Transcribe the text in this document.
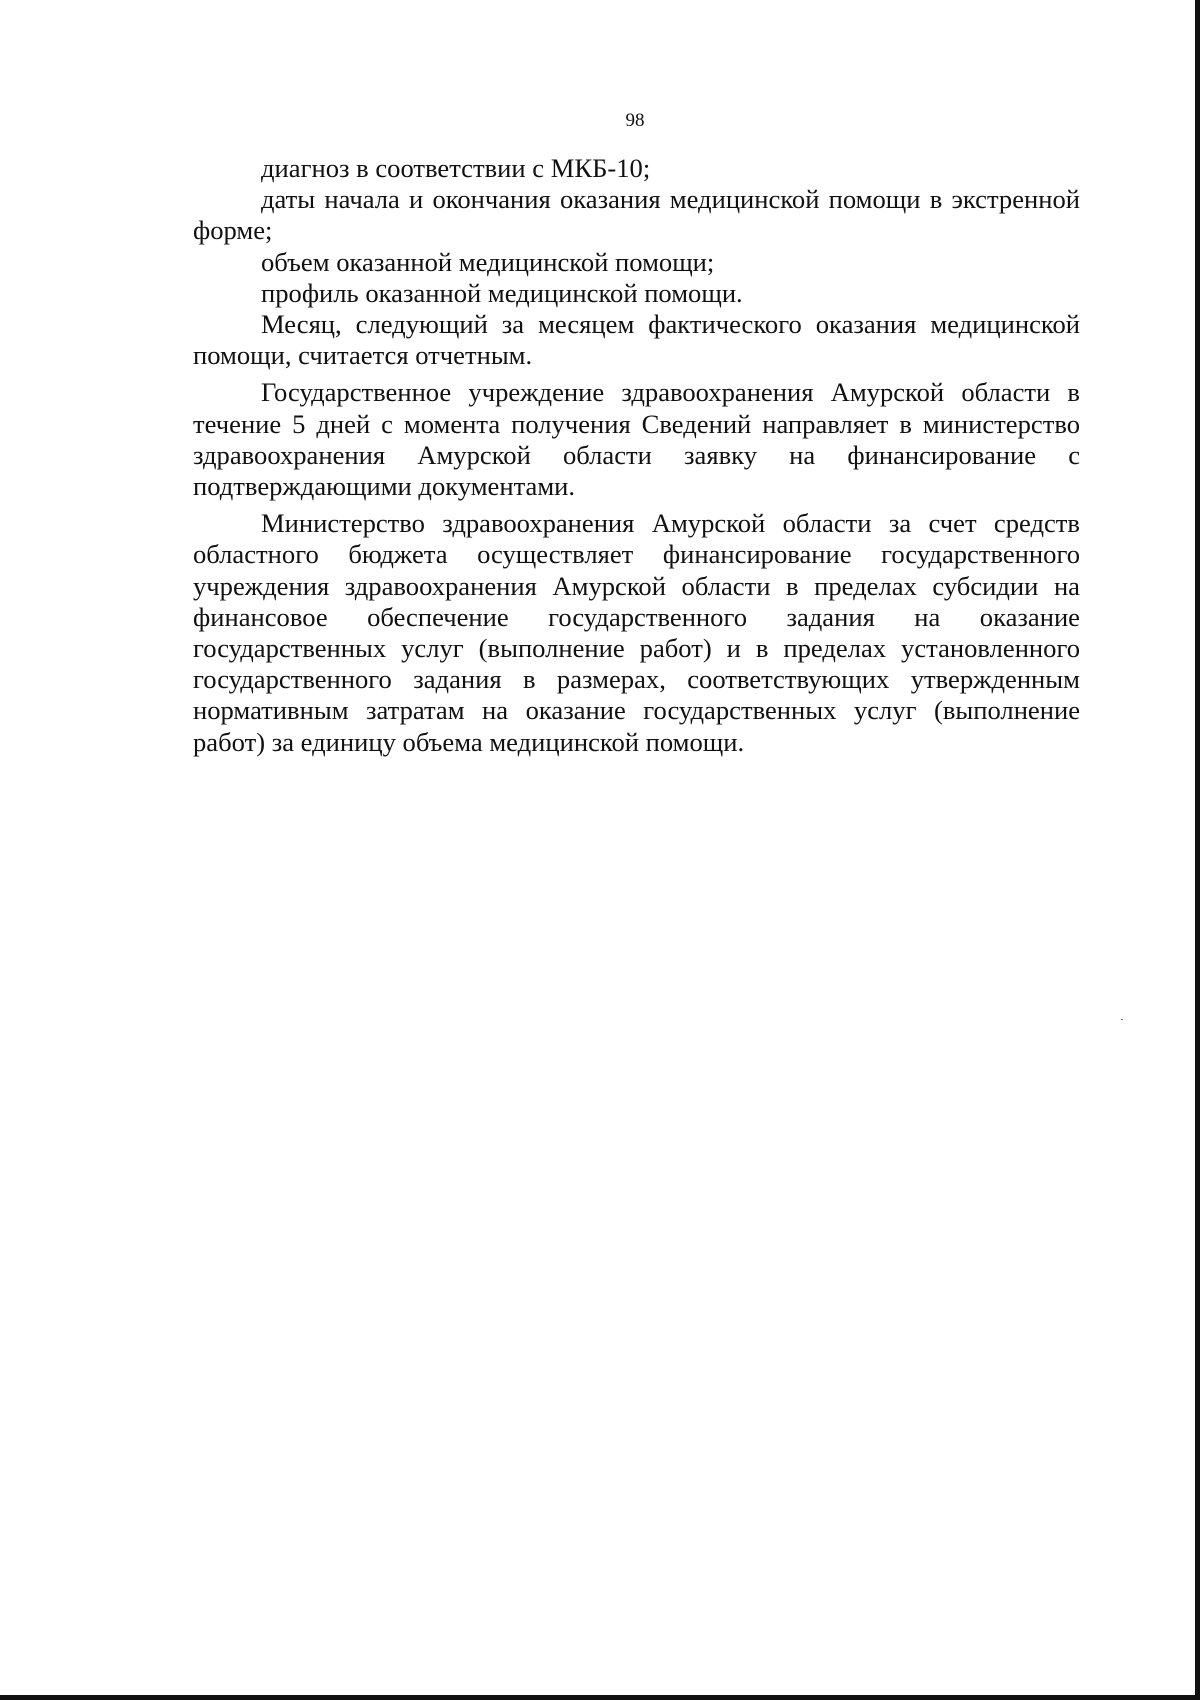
98

диагноз в соответствии с МКБ-10;

даты начала и окончания оказания медицинской помощи в экстренной форме;

объем оказанной медицинской помощи;

профиль оказанной медицинской помощи.

Месяц, следующий за месяцем фактического оказания медицинской помощи, считается отчетным.

Государственное учреждение здравоохранения Амурской области в течение 5 дней с момента получения Сведений направляет в министерство здравоохранения Амурской области заявку на финансирование с подтверждающими документами.

Министерство здравоохранения Амурской области за счет средств областного бюджета осуществляет финансирование государственного учреждения здравоохранения Амурской области в пределах субсидии на финансовое обеспечение государственного задания на оказание государственных услуг (выполнение работ) и в пределах установленного государственного задания в размерах, соответствующих утвержденным нормативным затратам на оказание государственных услуг (выполнение работ) за единицу объема медицинской помощи.
